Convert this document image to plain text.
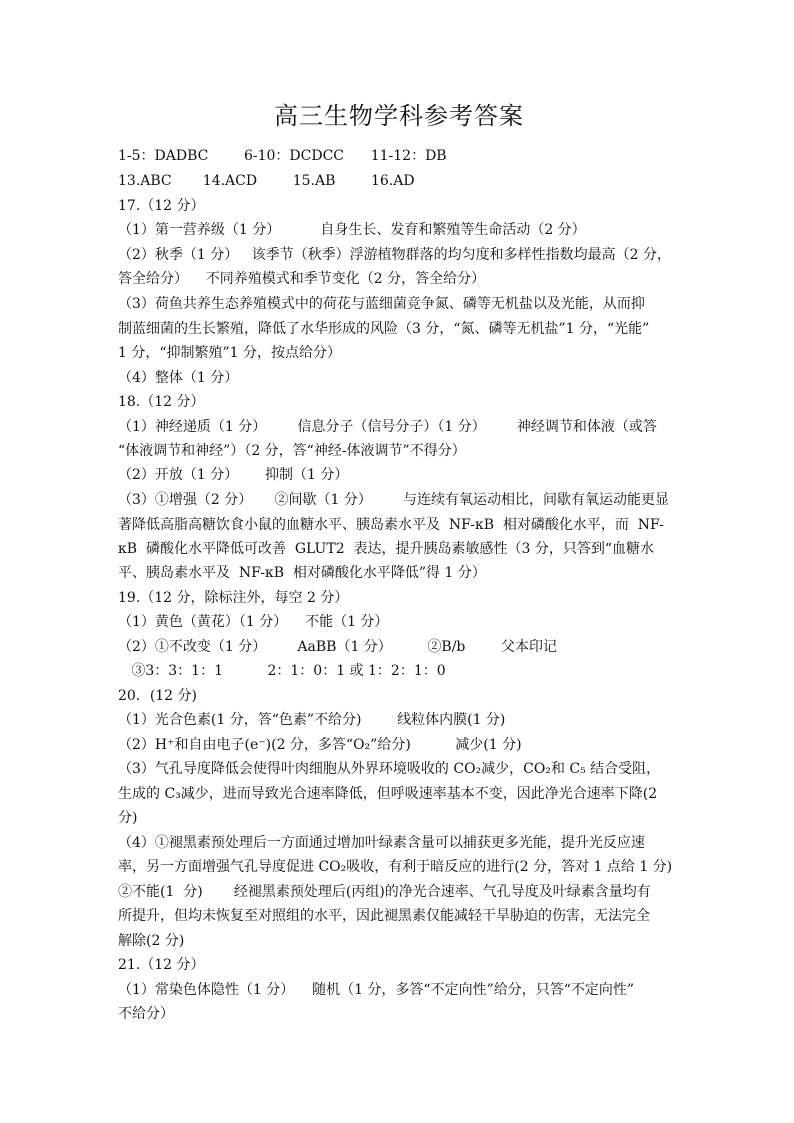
高三生物学科参考答案
1-5：DADBC        6-10：DCDCC      11-12：DB
13.ABC       14.ACD        15.AB        16.AD
17.（12 分）
（1）第一营养级（1 分）         自身生长、发育和繁殖等生命活动（2 分）
（2）秋季（1 分）   该季节（秋季）浮游植物群落的均匀度和多样性指数均最高（2 分，
答全给分）    不同养殖模式和季节变化（2 分，答全给分）
（3）荷鱼共养生态养殖模式中的荷花与蓝细菌竞争氮、磷等无机盐以及光能，从而抑
制蓝细菌的生长繁殖，降低了水华形成的风险（3 分，“氮、磷等无机盐”1 分，“光能”
1 分，“抑制繁殖”1 分，按点给分）
（4）整体（1 分）
18.（12 分）
（1）神经递质（1 分）       信息分子（信号分子）（1 分）       神经调节和体液（或答
“体液调节和神经”）（2 分，答“神经-体液调节”不得分）
（2）开放（1 分）      抑制（1 分）
（3）①增强（2 分）     ②间歇（1 分）       与连续有氧运动相比，间歇有氧运动能更显
著降低高脂高糖饮食小鼠的血糖水平、胰岛素水平及  NF-κB  相对磷酸化水平，而  NF-
κB  磷酸化水平降低可改善  GLUT2  表达，提升胰岛素敏感性（3 分，只答到“血糖水
平、胰岛素水平及  NF-κB  相对磷酸化水平降低”得 1 分）
19.（12 分，除标注外，每空 2 分）
（1）黄色（黄花）（1 分）    不能（1 分）
（2）①不改变（1 分）       AaBB（1 分）        ②B/b        父本印记
③3：3：1：1          2：1：0：1 或 1：2：1：0
20．(12 分)
（1）光合色素(1 分，答“色素”不给分)        线粒体内膜(1 分)
（2）H⁺和自由电子(e⁻)(2 分，多答“O₂”给分)          减少(1 分)
（3）气孔导度降低会使得叶肉细胞从外界环境吸收的 CO₂减少，CO₂和 C₅ 结合受阻，
生成的 C₃减少，进而导致光合速率降低，但呼吸速率基本不变，因此净光合速率下降(2
分)
（4）①褪黑素预处理后一方面通过增加叶绿素含量可以捕获更多光能，提升光反应速
率，另一方面增强气孔导度促进 CO₂吸收，有利于暗反应的进行(2 分，答对 1 点给 1 分)
②不能(1  分)       经褪黑素预处理后(丙组)的净光合速率、气孔导度及叶绿素含量均有
所提升，但均未恢复至对照组的水平，因此褪黑素仅能减轻干旱胁迫的伤害，无法完全
解除(2 分)
21.（12 分）
（1）常染色体隐性（1 分）    随机（1 分，多答“不定向性”给分，只答“不定向性”
不给分）
